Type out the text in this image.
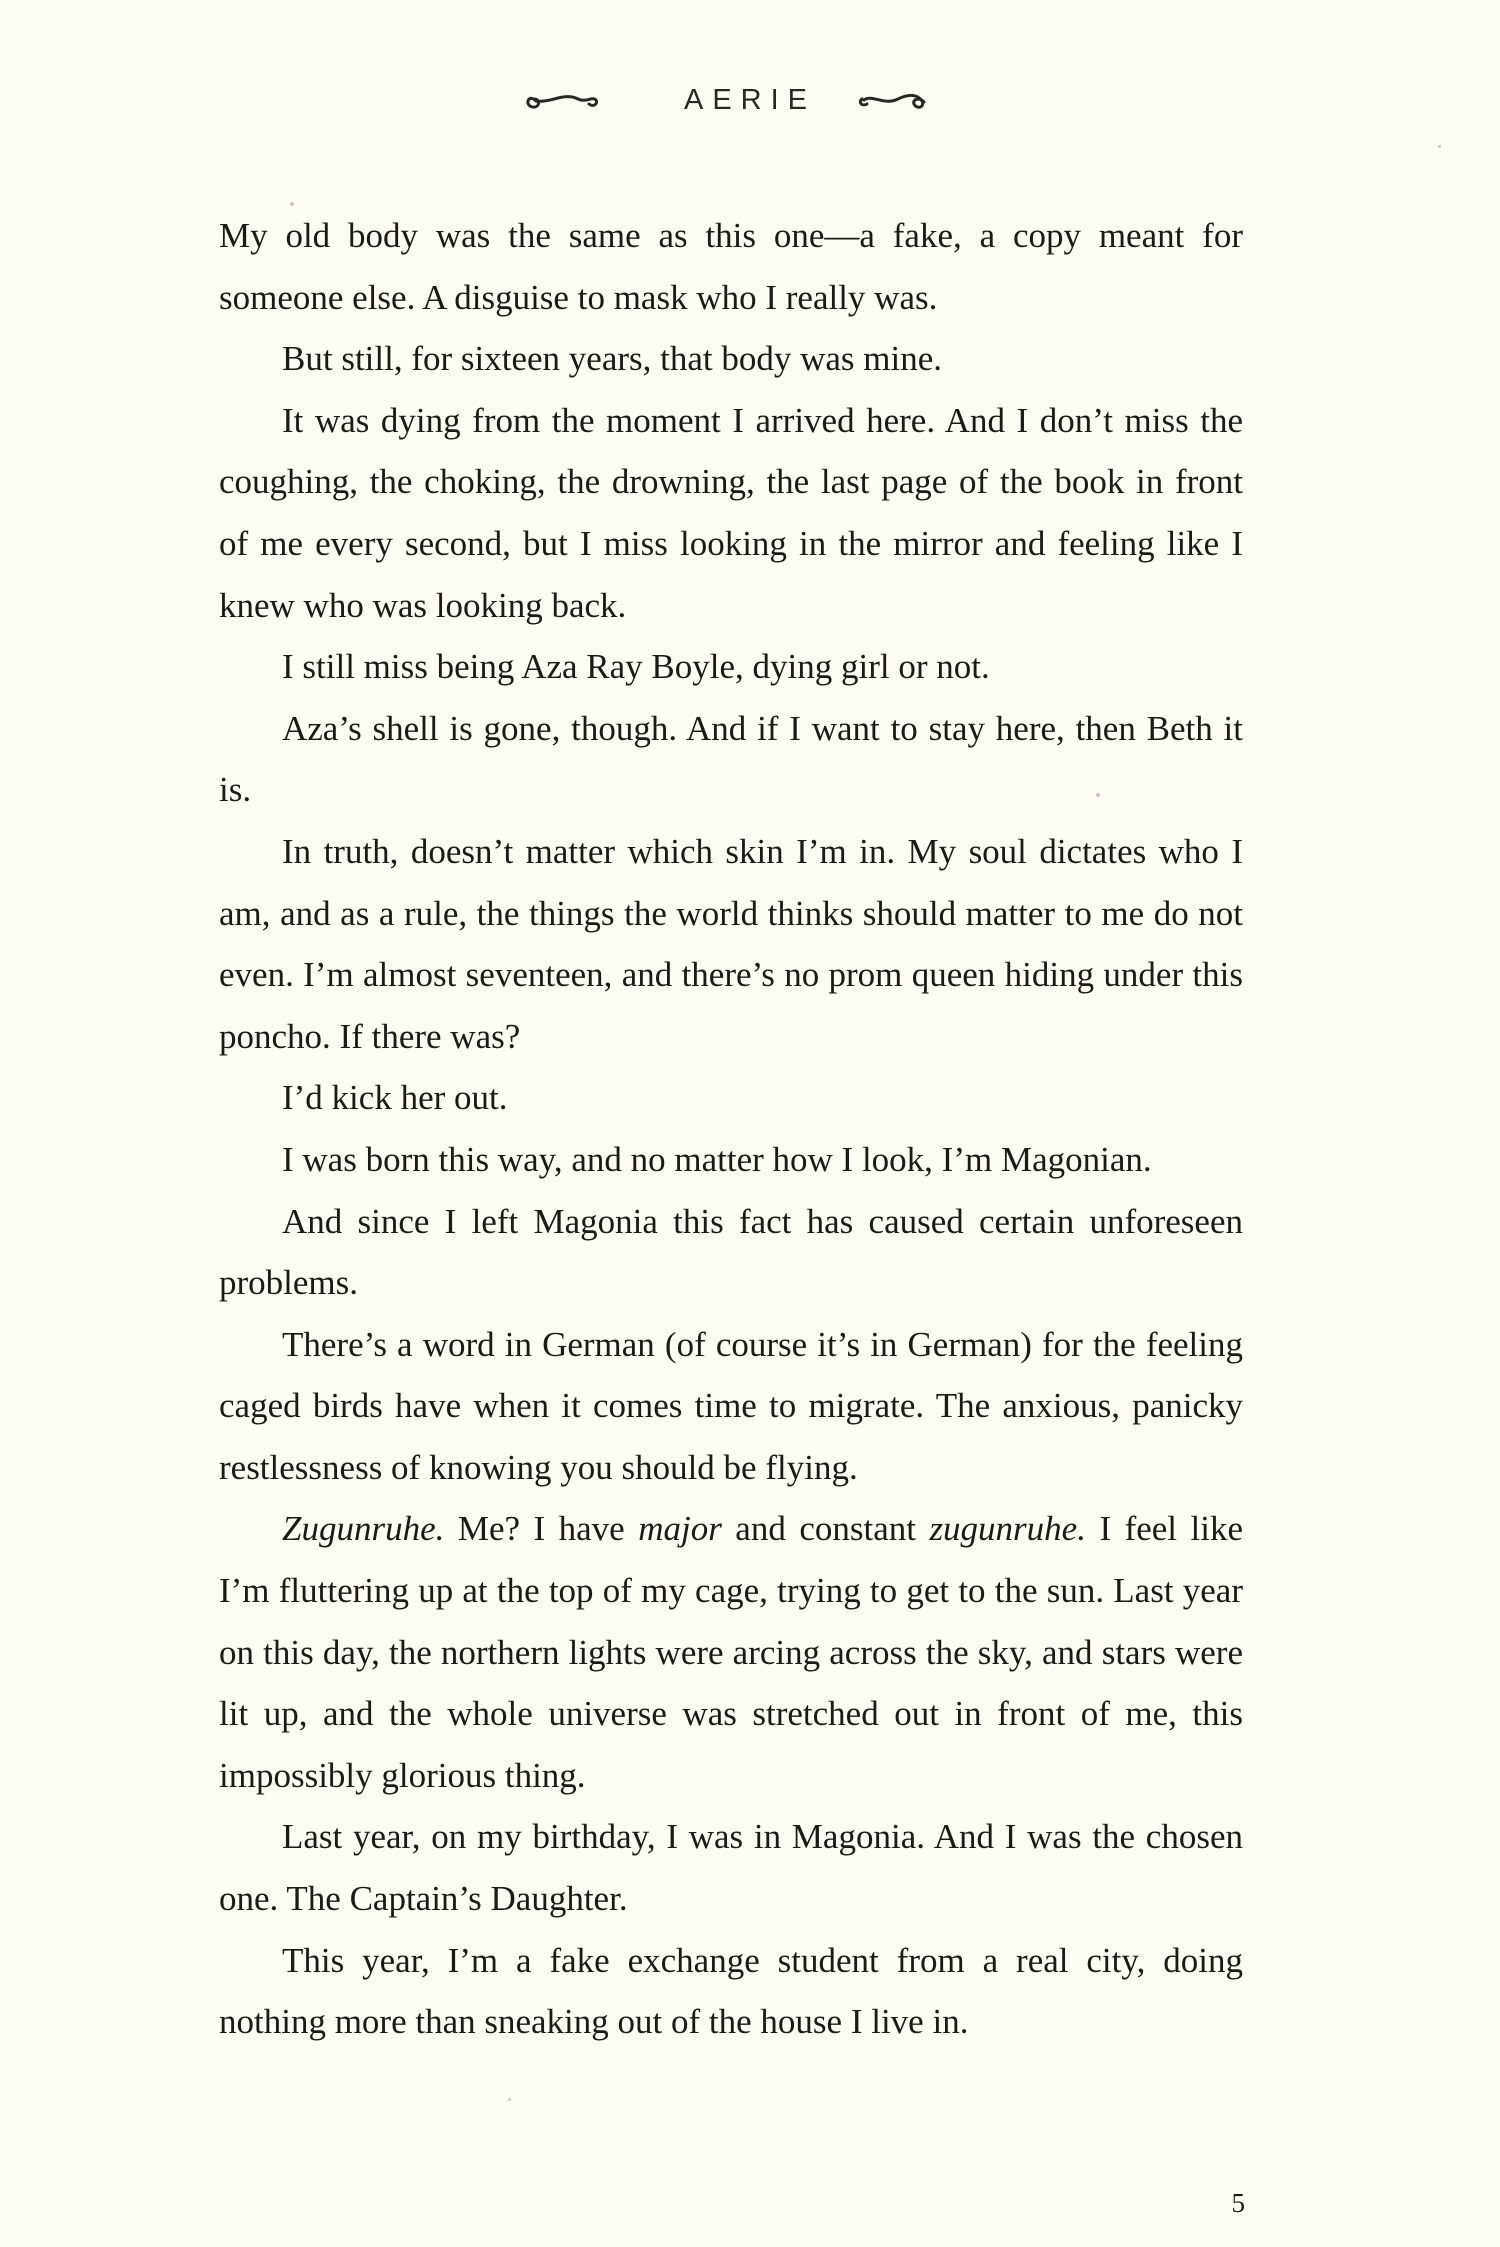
AERIE

My old body was the same as this one—a fake, a copy meant for someone else. A disguise to mask who I really was.

But still, for sixteen years, that body was mine.

It was dying from the moment I arrived here. And I don’t miss the coughing, the choking, the drowning, the last page of the book in front of me every second, but I miss looking in the mirror and feeling like I knew who was looking back.

I still miss being Aza Ray Boyle, dying girl or not.

Aza’s shell is gone, though. And if I want to stay here, then Beth it is.

In truth, doesn’t matter which skin I’m in. My soul dictates who I am, and as a rule, the things the world thinks should matter to me do not even. I’m almost seventeen, and there’s no prom queen hiding under this poncho. If there was?

I’d kick her out.

I was born this way, and no matter how I look, I’m Magonian.

And since I left Magonia this fact has caused certain unforeseen problems.

There’s a word in German (of course it’s in German) for the feeling caged birds have when it comes time to migrate. The anxious, panicky restlessness of knowing you should be flying.

Zugunruhe. Me? I have major and constant zugunruhe. I feel like I’m fluttering up at the top of my cage, trying to get to the sun. Last year on this day, the northern lights were arcing across the sky, and stars were lit up, and the whole universe was stretched out in front of me, this impossibly glorious thing.

Last year, on my birthday, I was in Magonia. And I was the chosen one. The Captain’s Daughter.

This year, I’m a fake exchange student from a real city, doing nothing more than sneaking out of the house I live in.

5
